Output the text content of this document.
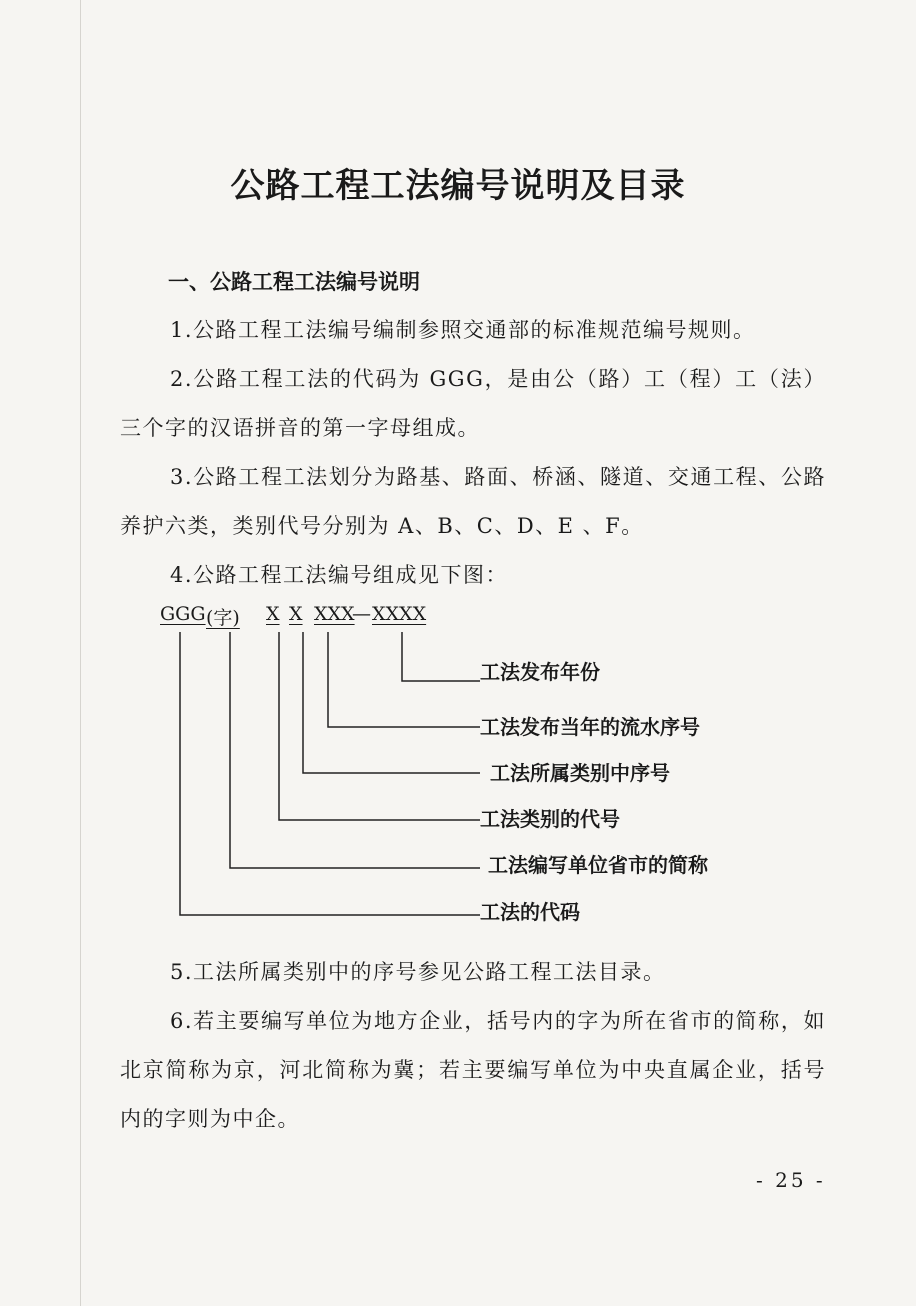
公路工程工法编号说明及目录
一、公路工程工法编号说明
1.公路工程工法编号编制参照交通部的标准规范编号规则。
2.公路工程工法的代码为 GGG，是由公（路）工（程）工（法）三个字的汉语拼音的第一字母组成。
3.公路工程工法划分为路基、路面、桥涵、隧道、交通工程、公路养护六类，类别代号分别为 A、B、C、D、E 、F。
4.公路工程工法编号组成见下图：
GGG (字) X X XXX
— XXXX
工法发布年份
工法发布当年的流水序号
工法所属类别中序号
工法类别的代号
工法编写单位省市的简称
工法的代码
5.工法所属类别中的序号参见公路工程工法目录。
6.若主要编写单位为地方企业，括号内的字为所在省市的简称，如北京简称为京，河北简称为冀；若主要编写单位为中央直属企业，括号内的字则为中企。
- 25 -
